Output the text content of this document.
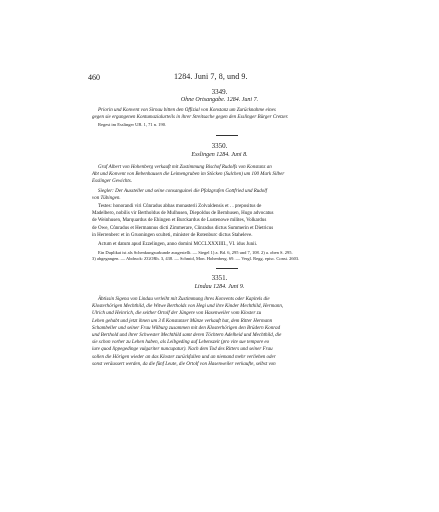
460	1284. Juni 7, 8, und 9.
3349.
Ohne Ortsangabe. 1284. Juni 7.
Priorin und Konvent von Sirnau bitten den Offizial von Konstanz um Zurücknahme eines
gegen sie ergangenen Kontumazialurteils in ihrer Streitsache gegen den Esslinger Bürger Cretzer.
Regest im Esslinger UB. 1, 71 n. 190.
3350.
Esslingen 1284. Juni 8.
Graf Albert von Hohenberg verkauft mit Zustimmung Bischof Rudolfs von Konstanz an
Abt und Konvent von Bebenhausen die Leimengruben im Stöcken (Sulchen) um 100 Mark Silber
Esslinger Gewichts.
Siegler: Der Aussteller und seine consanguinei die Pfalzgrafen Gottfried und Rudolf
von Tübingen.
Testes: honorandi viri Cůnradus abbas monasterii Zolvaldensis et . . prepositus de
Madelbero, nobilis vir Bertholdus de Mulhusen, Diepoldus de Bernhusen, Hugo advocatus
de Weinhusen, Marquardus de Ehingen et Burckardus de Lustenowe milites, Volkardus
de Owe, Cůnradus et Hermannus dicti Zimmerare, Cůnradus dictus Summerin et Dietricus
in Herrenberc et in Gruoningen sculteti, minister de Rotenburc dictus Staheleve.
Actum et datum apud Ezzelingen, anno domini MCCLXXXIIII., VI. idus Junii.
Ein Duplikat ist als Schenkungsurkunde ausgestellt. — Siegel 1) a. Bd. 6, 295 und 7, 108. 2) a. oben S. 295.
3) abgegangen. — Abdruck: ZGORh. 3, 438. — Schmid, Mon. Hohenberg. 69. — Vergl. Regg. episc. Const. 2603.
3351.
Lindau 1284. Juni 9.
Äbtissin Sigena von Lindau verleiht mit Zustimmung ihres Konvents oder Kapitels die
Klosterhörigen Mechthild, die Witwe Bertholds von Hegi und ihre Kinder Mechthild, Hermann,
Ulrich und Heinrich, die seither Ortolf der Jüngere von Hasenweiler vom Kloster zu
Lehen gehabt und jetzt ihnen um 3 ß Konstanzer Münze verkauft hat, dem Ritter Hermann
Schambeller und seiner Frau Wilburg zusammen mit den Klosterhörigen den Brüdern Konrad
und Berthold und ihrer Schwester Mechthild samt deren Töchtern Adelheid und Mechthild, die
sie schon vorher zu Lehen haben, als Leibgeding auf Lebenszeit (pro vite sue tempore eo
iure quod lippegedinge vulgariter nuncupatur). Nach dem Tod des Ritters und seiner Frau
sollen die Hörigen wieder an das Kloster zurückfallen und an niemand mehr verliehen oder
sonst veräussert werden, da die fünf Leute, die Ortolf von Hasenweiler verkaufte, selbst von
